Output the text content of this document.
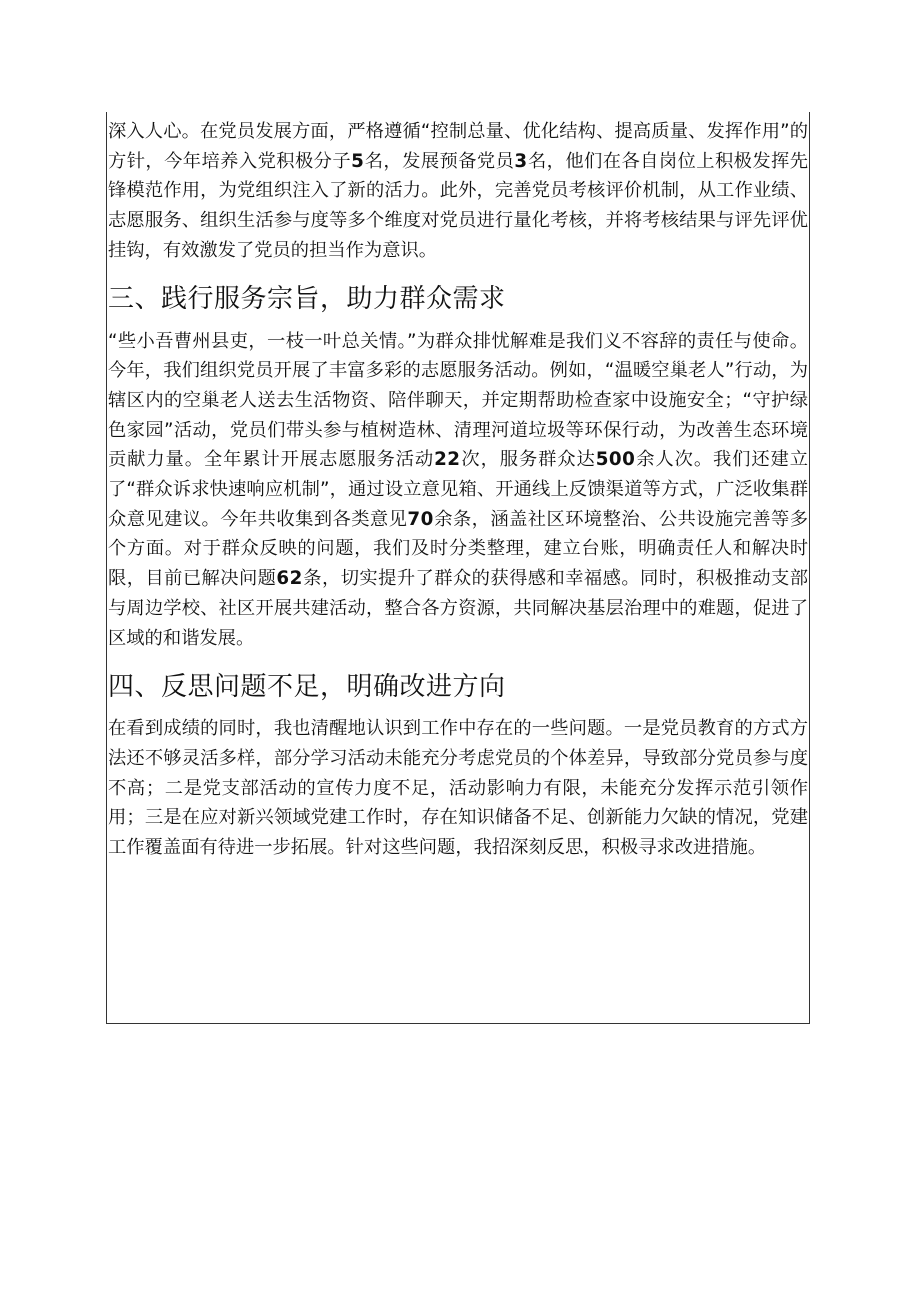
深入人心。在党员发展方面，严格遵循“控制总量、优化结构、提高质量、发挥作用”的方针，今年培养入党积极分子5名，发展预备党员3名，他们在各自岗位上积极发挥先锋模范作用，为党组织注入了新的活力。此外，完善党员考核评价机制，从工作业绩、志愿服务、组织生活参与度等多个维度对党员进行量化考核，并将考核结果与评先评优挂钩，有效激发了党员的担当作为意识。

三、践行服务宗旨，助力群众需求

“些小吾曹州县吏，一枝一叶总关情。”为群众排忧解难是我们义不容辞的责任与使命。今年，我们组织党员开展了丰富多彩的志愿服务活动。例如，“温暖空巢老人”行动，为辖区内的空巢老人送去生活物资、陪伴聊天，并定期帮助检查家中设施安全；“守护绿色家园”活动，党员们带头参与植树造林、清理河道垃圾等环保行动，为改善生态环境贡献力量。全年累计开展志愿服务活动22次，服务群众达500余人次。我们还建立了“群众诉求快速响应机制”，通过设立意见箱、开通线上反馈渠道等方式，广泛收集群众意见建议。今年共收集到各类意见70余条，涵盖社区环境整治、公共设施完善等多个方面。对于群众反映的问题，我们及时分类整理，建立台账，明确责任人和解决时限，目前已解决问题62条，切实提升了群众的获得感和幸福感。同时，积极推动支部与周边学校、社区开展共建活动，整合各方资源，共同解决基层治理中的难题，促进了区域的和谐发展。

四、反思问题不足，明确改进方向

在看到成绩的同时，我也清醒地认识到工作中存在的一些问题。一是党员教育的方式方法还不够灵活多样，部分学习活动未能充分考虑党员的个体差异，导致部分党员参与度不高；二是党支部活动的宣传力度不足，活动影响力有限，未能充分发挥示范引领作用；三是在应对新兴领域党建工作时，存在知识储备不足、创新能力欠缺的情况，党建工作覆盖面有待进一步拓展。针对这些问题，我招深刻反思，积极寻求改进措施。
